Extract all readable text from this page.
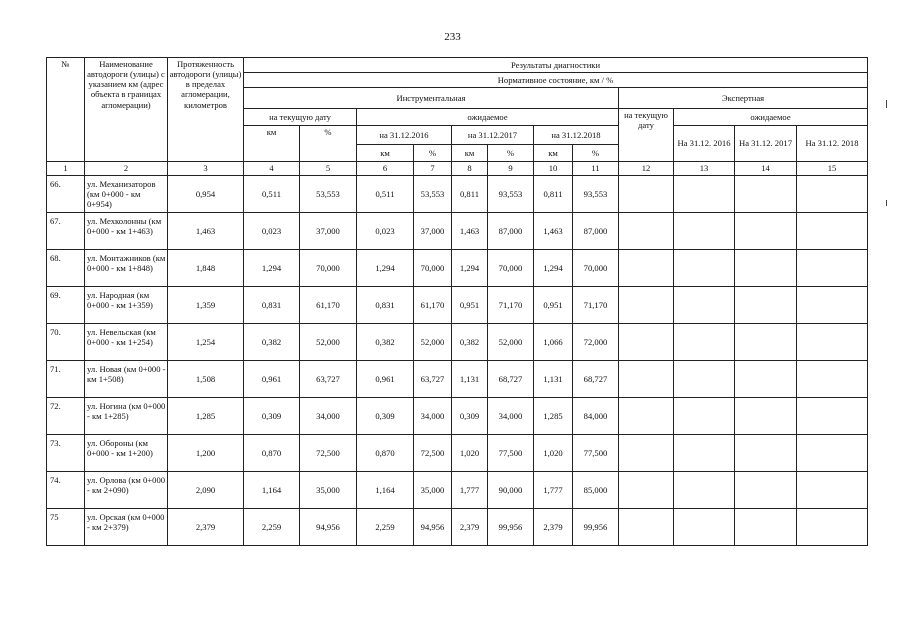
233
№	Наименование автодороги (улицы) с указанием км (адрес объекта в границах агломерации)	Протяженность автодороги (улицы) в пределах агломерации, километров	Результаты диагностики											
			Нормативное состояние, км / %											
			Инструментальная								Экспертная			
			на текущую дату		ожидаемое						на текущую дату	ожидаемое		
			км	%	на 31.12.2016		на 31.12.2017		на 31.12.2018			На 31.12. 2016	На 31.12. 2017	На 31.12. 2018
					км	%	км	%	км	%				
1	2	3	4	5	6	7	8	9	10	11	12	13	14	15
66.	ул. Механизаторов (км 0+000 - км 0+954)	0,954	0,511	53,553	0,511	53,553	0,811	93,553	0,811	93,553				
67.	ул. Мехколонны (км 0+000 - км 1+463)	1,463	0,023	37,000	0,023	37,000	1,463	87,000	1,463	87,000				
68.	ул. Монтажников (км 0+000 - км 1+848)	1,848	1,294	70,000	1,294	70,000	1,294	70,000	1,294	70,000				
69.	ул. Народная (км 0+000 - км 1+359)	1,359	0,831	61,170	0,831	61,170	0,951	71,170	0,951	71,170				
70.	ул. Невельская (км 0+000 - км 1+254)	1,254	0,382	52,000	0,382	52,000	0,382	52,000	1,066	72,000				
71.	ул. Новая (км 0+000 - км 1+508)	1,508	0,961	63,727	0,961	63,727	1,131	68,727	1,131	68,727				
72.	ул. Ногина (км 0+000 - км 1+285)	1,285	0,309	34,000	0,309	34,000	0,309	34,000	1,285	84,000				
73.	ул. Обороны (км 0+000 - км 1+200)	1,200	0,870	72,500	0,870	72,500	1,020	77,500	1,020	77,500				
74.	ул. Орлова (км 0+000 - км 2+090)	2,090	1,164	35,000	1,164	35,000	1,777	90,000	1,777	85,000				
75	ул. Орская (км 0+000 - км 2+379)	2,379	2,259	94,956	2,259	94,956	2,379	99,956	2,379	99,956				
